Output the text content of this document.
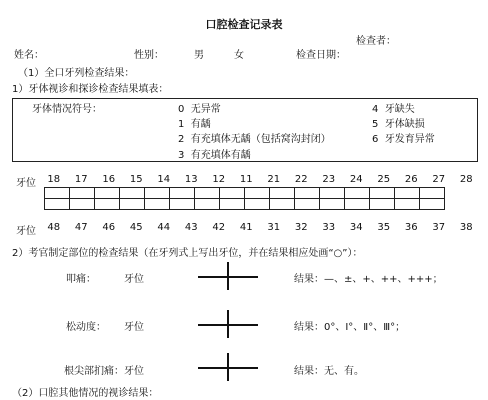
口腔检查记录表
检查者：
姓名：	性别：	男	女	检查日期：
（1）全口牙列检查结果：
1）牙体视诊和探诊检查结果填表：
牙体情况符号：	0 无异常
1 有龋
2 有充填体无龋（包括窝沟封闭）
3 有充填体有龋
4 牙缺失
5 牙体缺损
6 牙发育异常
牙位	18	17	16	15	14	13	12	11	21	22	23	24	25	26	27	28

牙位	48	47	46	45	44	43	42	41	31	32	33	34	35	36	37	38
2）考官制定部位的检查结果（在牙列式上写出牙位，并在结果相应处画“○”）：
叩痛：	牙位	结果：—、±、+、++、+++；
松动度： 牙位	结果：0°、Ⅰ°、Ⅱ°、Ⅲ°；
根尖部扪痛： 牙位	结果：无、有。
（2）口腔其他情况的视诊结果：
